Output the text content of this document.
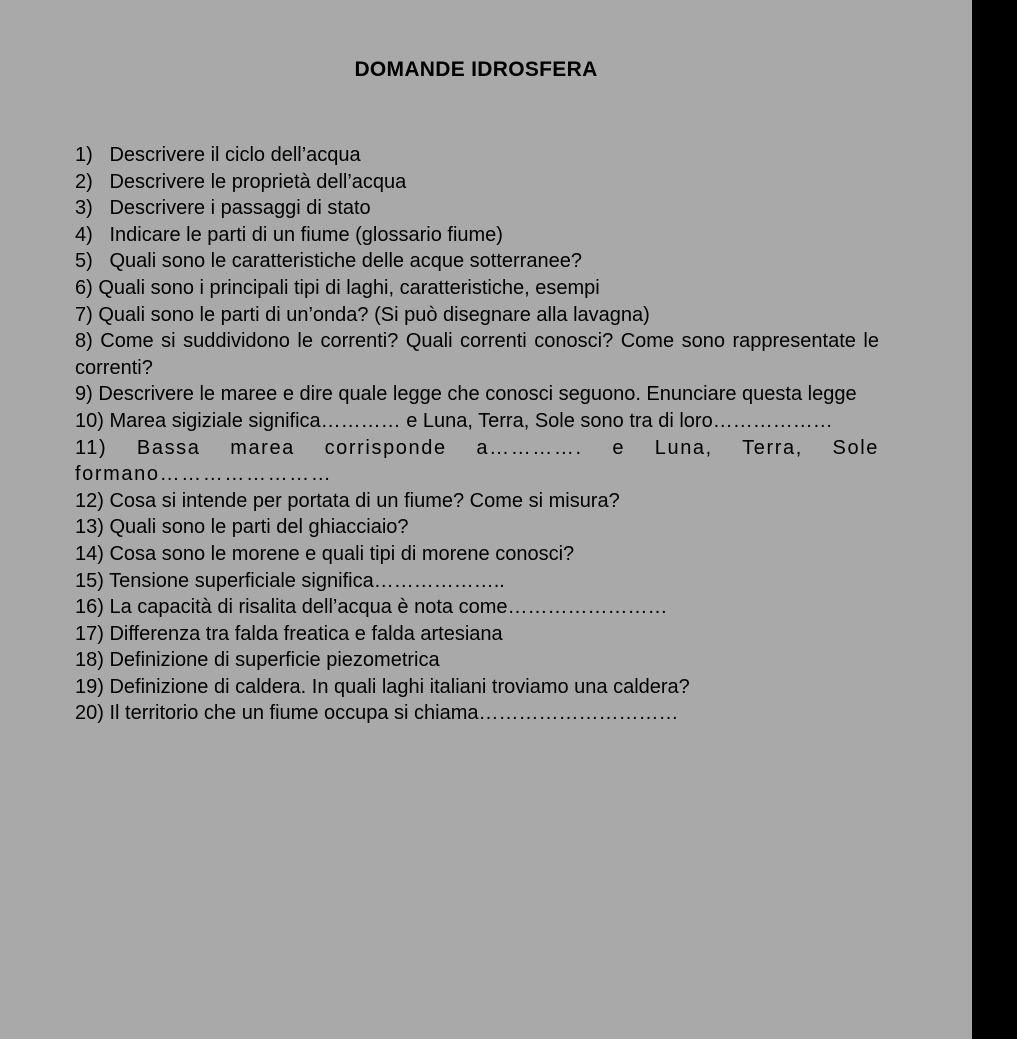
DOMANDE IDROSFERA
1)   Descrivere il ciclo dell’acqua
2)   Descrivere le proprietà dell’acqua
3)   Descrivere i passaggi di stato
4)   Indicare le parti di un fiume (glossario fiume)
5)   Quali sono le caratteristiche delle acque sotterranee?
6) Quali sono i principali tipi di laghi, caratteristiche, esempi
7) Quali sono le parti di un’onda? (Si può disegnare alla lavagna)
8) Come si suddividono le correnti? Quali correnti conosci? Come sono rappresentate le correnti?
9) Descrivere le maree e dire quale legge che conosci seguono. Enunciare questa legge
10) Marea sigiziale significa………… e Luna, Terra, Sole sono tra di loro………………
11) Bassa marea corrisponde a…………. e Luna, Terra, Sole formano……………………
12) Cosa si intende per portata di un fiume? Come si misura?
13) Quali sono le parti del ghiacciaio?
14) Cosa sono le morene e quali tipi di morene conosci?
15) Tensione superficiale significa………………..
16) La capacità di risalita dell’acqua è nota come……………………
17) Differenza tra falda freatica e falda artesiana
18) Definizione di superficie piezometrica
19) Definizione di caldera. In quali laghi italiani troviamo una caldera?
20) Il territorio che un fiume occupa si chiama…………………………
